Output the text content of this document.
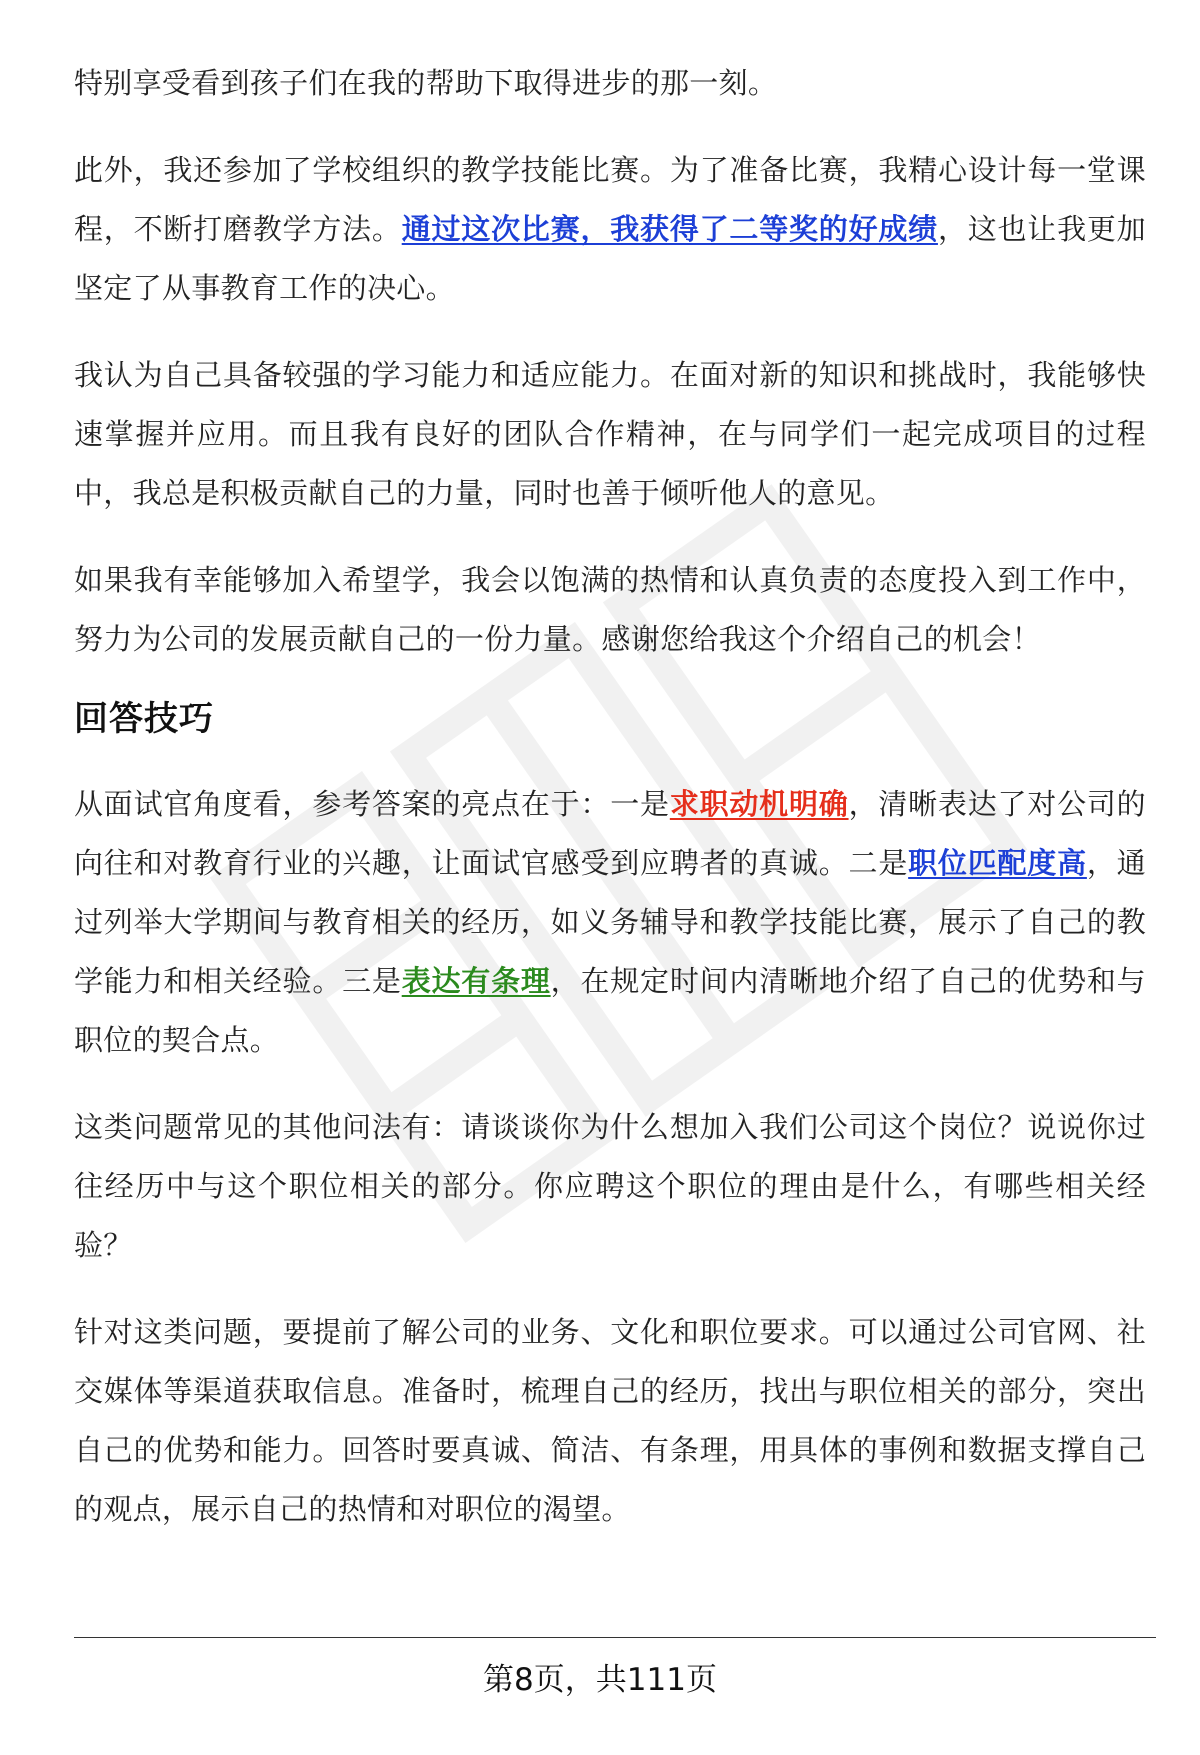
特别享受看到孩子们在我的帮助下取得进步的那一刻。

此外，我还参加了学校组织的教学技能比赛。为了准备比赛，我精心设计每一堂课程，不断打磨教学方法。通过这次比赛，我获得了二等奖的好成绩，这也让我更加坚定了从事教育工作的决心。

我认为自己具备较强的学习能力和适应能力。在面对新的知识和挑战时，我能够快速掌握并应用。而且我有良好的团队合作精神，在与同学们一起完成项目的过程中，我总是积极贡献自己的力量，同时也善于倾听他人的意见。

如果我有幸能够加入希望学，我会以饱满的热情和认真负责的态度投入到工作中，努力为公司的发展贡献自己的一份力量。感谢您给我这个介绍自己的机会！

回答技巧

从面试官角度看，参考答案的亮点在于：一是求职动机明确，清晰表达了对公司的向往和对教育行业的兴趣，让面试官感受到应聘者的真诚。二是职位匹配度高，通过列举大学期间与教育相关的经历，如义务辅导和教学技能比赛，展示了自己的教学能力和相关经验。三是表达有条理，在规定时间内清晰地介绍了自己的优势和与职位的契合点。

这类问题常见的其他问法有：请谈谈你为什么想加入我们公司这个岗位？说说你过往经历中与这个职位相关的部分。你应聘这个职位的理由是什么，有哪些相关经验？

针对这类问题，要提前了解公司的业务、文化和职位要求。可以通过公司官网、社交媒体等渠道获取信息。准备时，梳理自己的经历，找出与职位相关的部分，突出自己的优势和能力。回答时要真诚、简洁、有条理，用具体的事例和数据支撑自己的观点，展示自己的热情和对职位的渴望。

第8页，共111页
